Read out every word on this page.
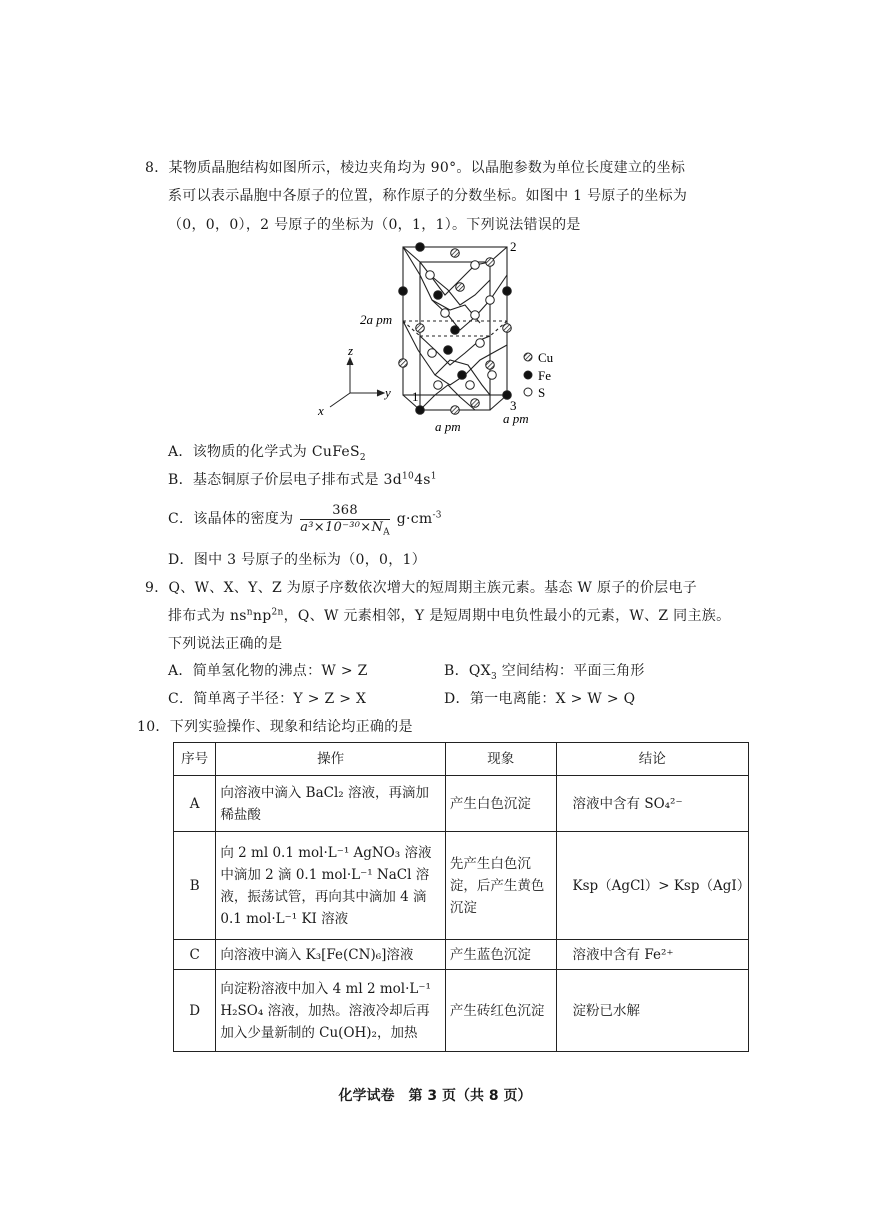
8．某物质晶胞结构如图所示，棱边夹角均为 90°。以晶胞参数为单位长度建立的坐标
系可以表示晶胞中各原子的位置，称作原子的分数坐标。如图中 1 号原子的坐标为
（0，0，0），2 号原子的坐标为（0，1，1）。下列说法错误的是
2
1
3
2a pm
a pm
a pm
z
y
x
Cu
Fe
S
A．该物质的化学式为 CuFeS$_2$
B．基态铜原子价层电子排布式是 $3d^{10}4s^1$
C．该晶体的密度为 $\frac{368}{a^3\times 10^{-30}\times N_A} g\cdot cm^{-3}$
D．图中 3 号原子的坐标为（0，0，1）
9．Q、W、X、Y、Z 为原子序数依次增大的短周期主族元素。基态 W 原子的价层电子
排布式为 $ns^nnp^{2n}$，Q、W 元素相邻，Y 是短周期中电负性最小的元素，W、Z 同主族。
下列说法正确的是
A．简单氢化物的沸点：W > Z	B．$QX_3$ 空间结构：平面三角形
C．简单离子半径：Y > Z > X	D．第一电离能：X > W > Q
10．下列实验操作、现象和结论均正确的是
序号	操作	现象	结论
A	向溶液中滴入 BaCl₂ 溶液，再滴加稀盐酸	产生白色沉淀	溶液中含有 SO₄²⁻
B	向 2 ml 0.1 mol·L⁻¹ AgNO₃ 溶液中滴加 2 滴 0.1 mol·L⁻¹ NaCl 溶液，振荡试管，再向其中滴加 4 滴 0.1 mol·L⁻¹ KI 溶液	先产生白色沉淀，后产生黄色沉淀	Ksp（AgCl）> Ksp（AgI）
C	向溶液中滴入 K₃[Fe(CN)₆]溶液	产生蓝色沉淀	溶液中含有 Fe²⁺
D	向淀粉溶液中加入 4 ml 2 mol·L⁻¹ H₂SO₄ 溶液，加热。溶液冷却后再加入少量新制的 Cu(OH)₂，加热	产生砖红色沉淀	淀粉已水解
化学试卷　第 3 页（共 8 页）
